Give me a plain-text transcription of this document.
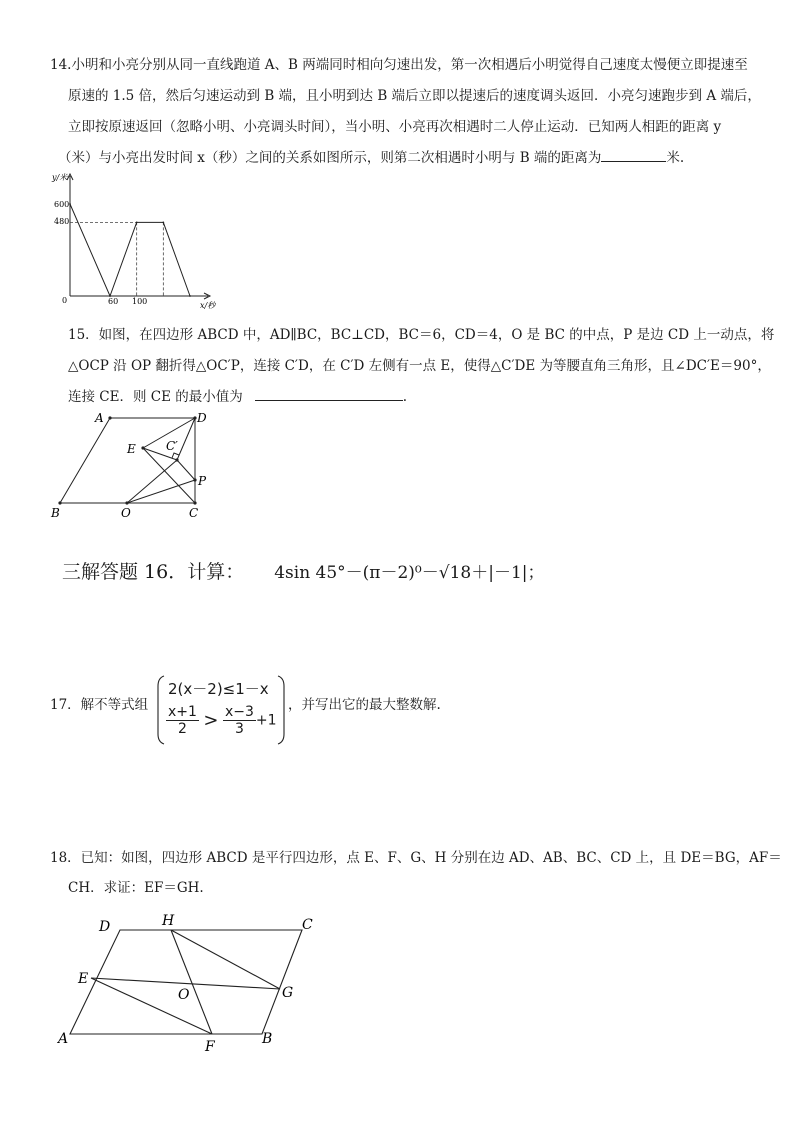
14.小明和小亮分别从同一直线跑道 A、B 两端同时相向匀速出发，第一次相遇后小明觉得自己速度太慢便立即提速至
原速的 1.5 倍，然后匀速运动到 B 端，且小明到达 B 端后立即以提速后的速度调头返回．小亮匀速跑步到 A 端后，
立即按原速返回（忽略小明、小亮调头时间），当小明、小亮再次相遇时二人停止运动．已知两人相距的距离 y
（米）与小亮出发时间 x（秒）之间的关系如图所示，则第二次相遇时小明与 B 端的距离为	米.
y/米
x/秒
600
480
0	60 100
15．如图，在四边形 ABCD 中，AD∥BC，BC⊥CD，BC＝6，CD＝4，O 是 BC 的中点，P 是边 CD 上一动点，将
△OCP 沿 OP 翻折得△OC′P，连接 C′D，在 C′D 左侧有一点 E，使得△C′DE 为等腰直角三角形，且∠DC′E＝90°，
连接 CE．则 CE 的最小值为	.
A	D
E	C′
P
B	O	C
三解答题 16．计算： 4sin 45°－(π－2)⁰－√18＋|－1|；
17．解不等式组
2(x－2)≤1－x
$\frac{x+1}{2} > \frac{x-3}{3} +1$
，并写出它的最大整数解.
18．已知：如图，四边形 ABCD 是平行四边形，点 E、F、G、H 分别在边 AD、AB、BC、CD 上，且 DE＝BG，AF＝
CH．求证：EF＝GH.
D	H	C
E
O	G
A	F	B
